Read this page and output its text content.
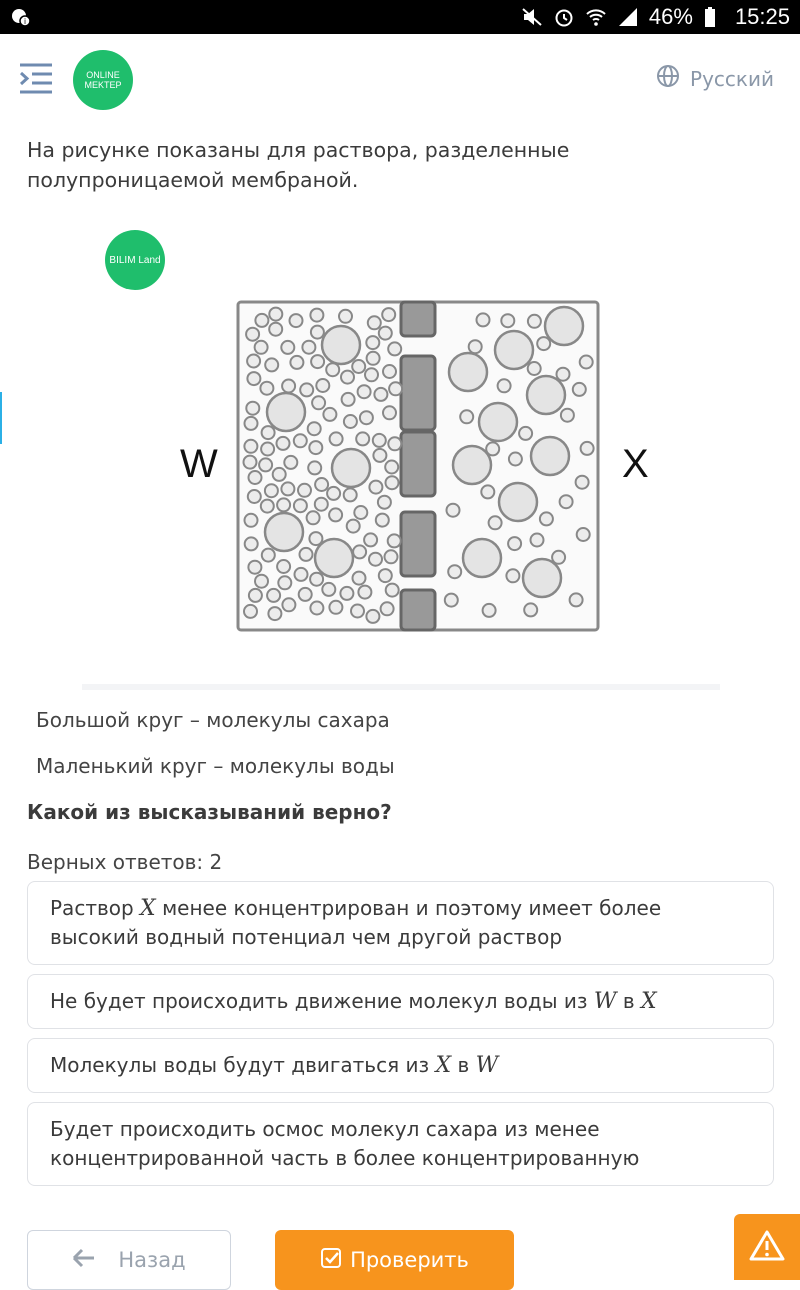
i	46% 15:25
ONLINE MEKTEP	Русский
На рисунке показаны для раствора, разделенные полупроницаемой мембраной.
BILIM Land
W	X
Большой круг – молекулы сахара
Маленький круг – молекулы воды
Какой из высказываний верно?
Верных ответов: 2
Раствор X менее концентрирован и поэтому имеет более высокий водный потенциал чем другой раствор
Не будет происходить движение молекул воды из W в X
Молекулы воды будут двигаться из X в W
Будет происходить осмос молекул сахара из менее концентрированной часть в более концентрированную
Назад	Проверить
